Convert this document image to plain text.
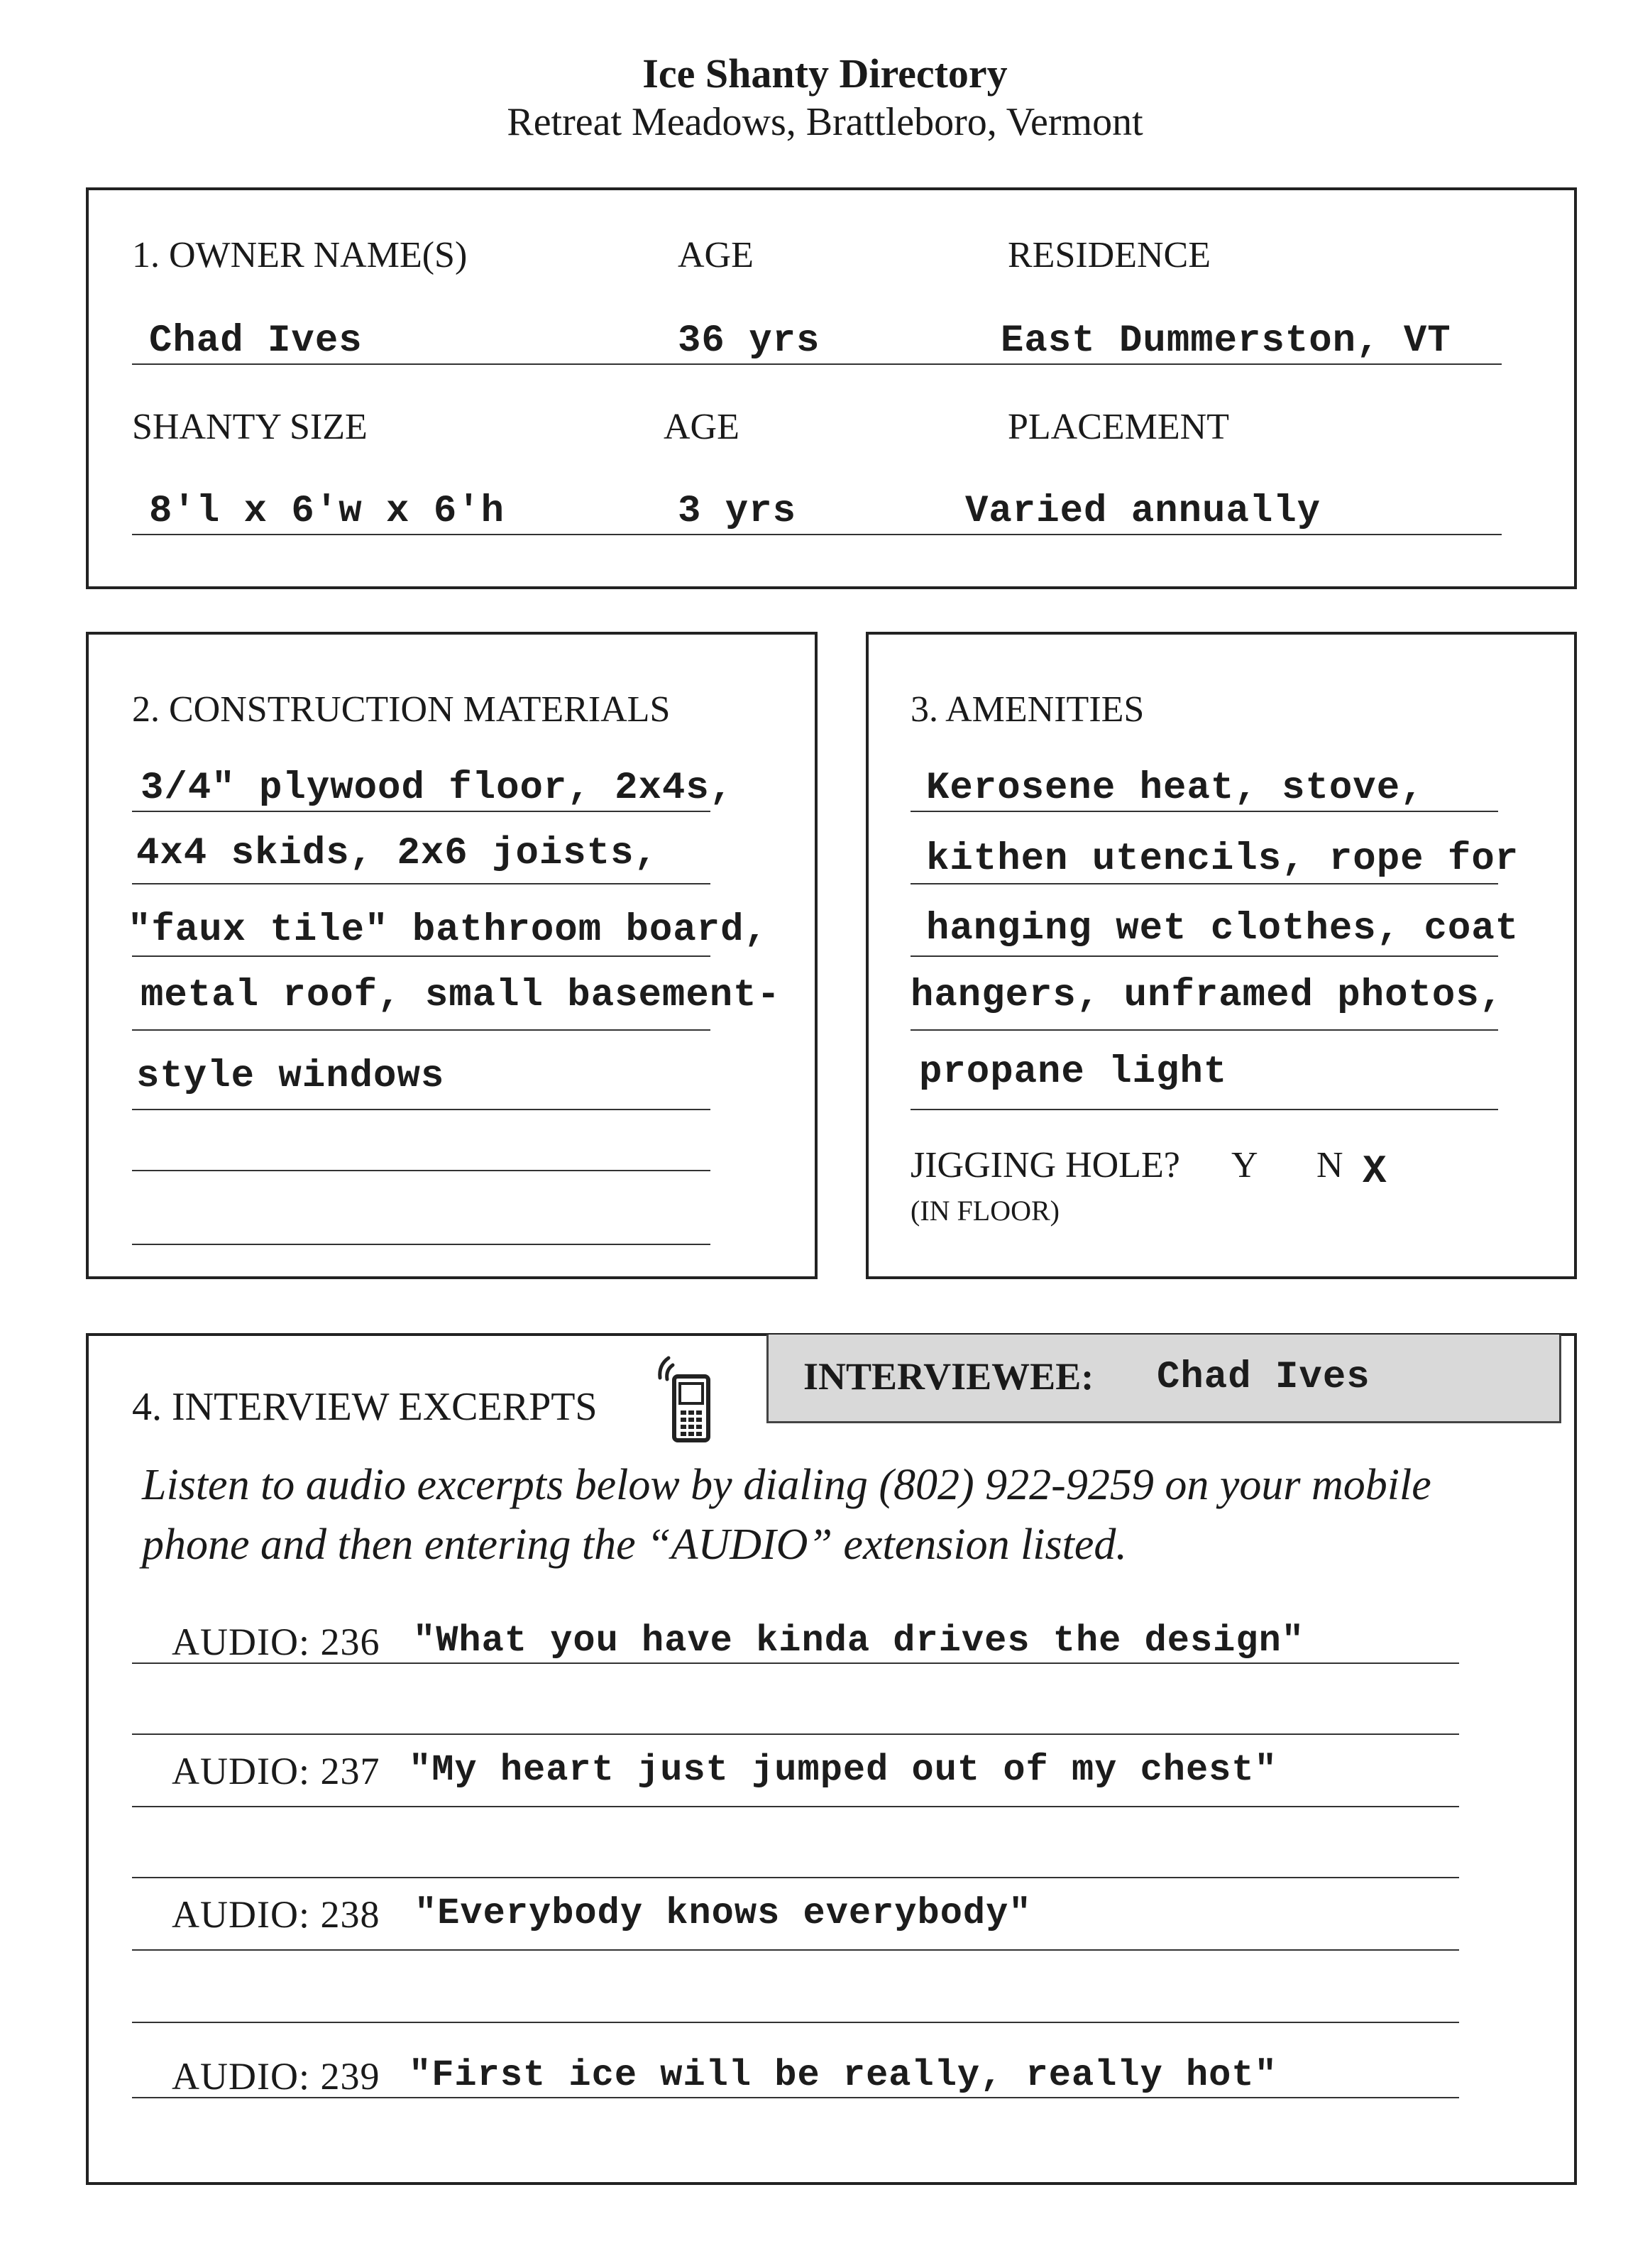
Ice Shanty Directory
Retreat Meadows, Brattleboro, Vermont
1. OWNER NAME(S)	AGE	RESIDENCE
Chad Ives	36 yrs	East Dummerston, VT
SHANTY SIZE	AGE	PLACEMENT
8'l x 6'w x 6'h	3 yrs	Varied annually
2. CONSTRUCTION MATERIALS
3/4" plywood floor, 2x4s,
4x4 skids, 2x6 joists,
"faux tile" bathroom board,
metal roof, small basement-
style windows
3. AMENITIES
Kerosene heat, stove,
kithen utencils, rope for
hanging wet clothes, coat
hangers, unframed photos,
propane light
JIGGING HOLE? Y N X
(IN FLOOR)
INTERVIEWEE: Chad Ives
4. INTERVIEW EXCERPTS
Listen to audio excerpts below by dialing (802) 922-9259 on your mobile phone and then entering the “AUDIO” extension listed.
AUDIO: 236 "What you have kinda drives the design"
AUDIO: 237 "My heart just jumped out of my chest"
AUDIO: 238 "Everybody knows everybody"
AUDIO: 239 "First ice will be really, really hot"
